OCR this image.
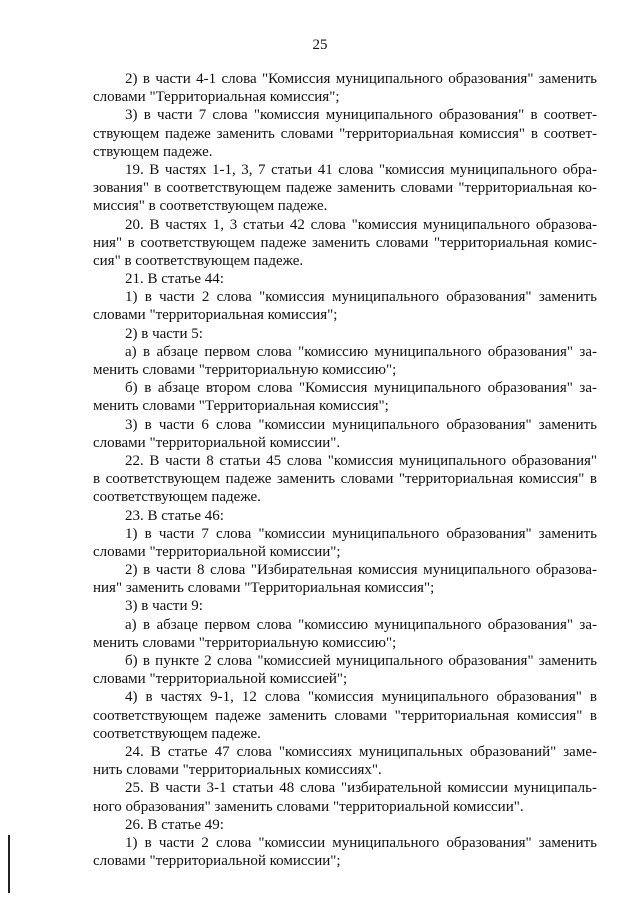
25
2) в части 4-1 слова "Комиссия муниципального образования" заменить
словами "Территориальная комиссия";
3) в части 7 слова "комиссия муниципального образования" в соответ-
ствующем падеже заменить словами "территориальная комиссия" в соответ-
ствующем падеже.
19. В частях 1-1, 3, 7 статьи 41 слова "комиссия муниципального обра-
зования" в соответствующем падеже заменить словами "территориальная ко-
миссия" в соответствующем падеже.
20. В частях 1, 3 статьи 42 слова "комиссия муниципального образова-
ния" в соответствующем падеже заменить словами "территориальная комис-
сия" в соответствующем падеже.
21. В статье 44:
1) в части 2 слова "комиссия муниципального образования" заменить
словами "территориальная комиссия";
2) в части 5:
а) в абзаце первом слова "комиссию муниципального образования" за-
менить словами "территориальную комиссию";
б) в абзаце втором слова "Комиссия муниципального образования" за-
менить словами "Территориальная комиссия";
3) в части 6 слова "комиссии муниципального образования" заменить
словами "территориальной комиссии".
22. В части 8 статьи 45 слова "комиссия муниципального образования"
в соответствующем падеже заменить словами "территориальная комиссия" в
соответствующем падеже.
23. В статье 46:
1) в части 7 слова "комиссии муниципального образования" заменить
словами "территориальной комиссии";
2) в части 8 слова "Избирательная комиссия муниципального образова-
ния" заменить словами "Территориальная комиссия";
3) в части 9:
а) в абзаце первом слова "комиссию муниципального образования" за-
менить словами "территориальную комиссию";
б) в пункте 2 слова "комиссией муниципального образования" заменить
словами "территориальной комиссией";
4) в частях 9-1, 12 слова "комиссия муниципального образования" в
соответствующем падеже заменить словами "территориальная комиссия" в
соответствующем падеже.
24. В статье 47 слова "комиссиях муниципальных образований" заме-
нить словами "территориальных комиссиях".
25. В части 3-1 статьи 48 слова "избирательной комиссии муниципаль-
ного образования" заменить словами "территориальной комиссии".
26. В статье 49:
1) в части 2 слова "комиссии муниципального образования" заменить
словами "территориальной комиссии";
